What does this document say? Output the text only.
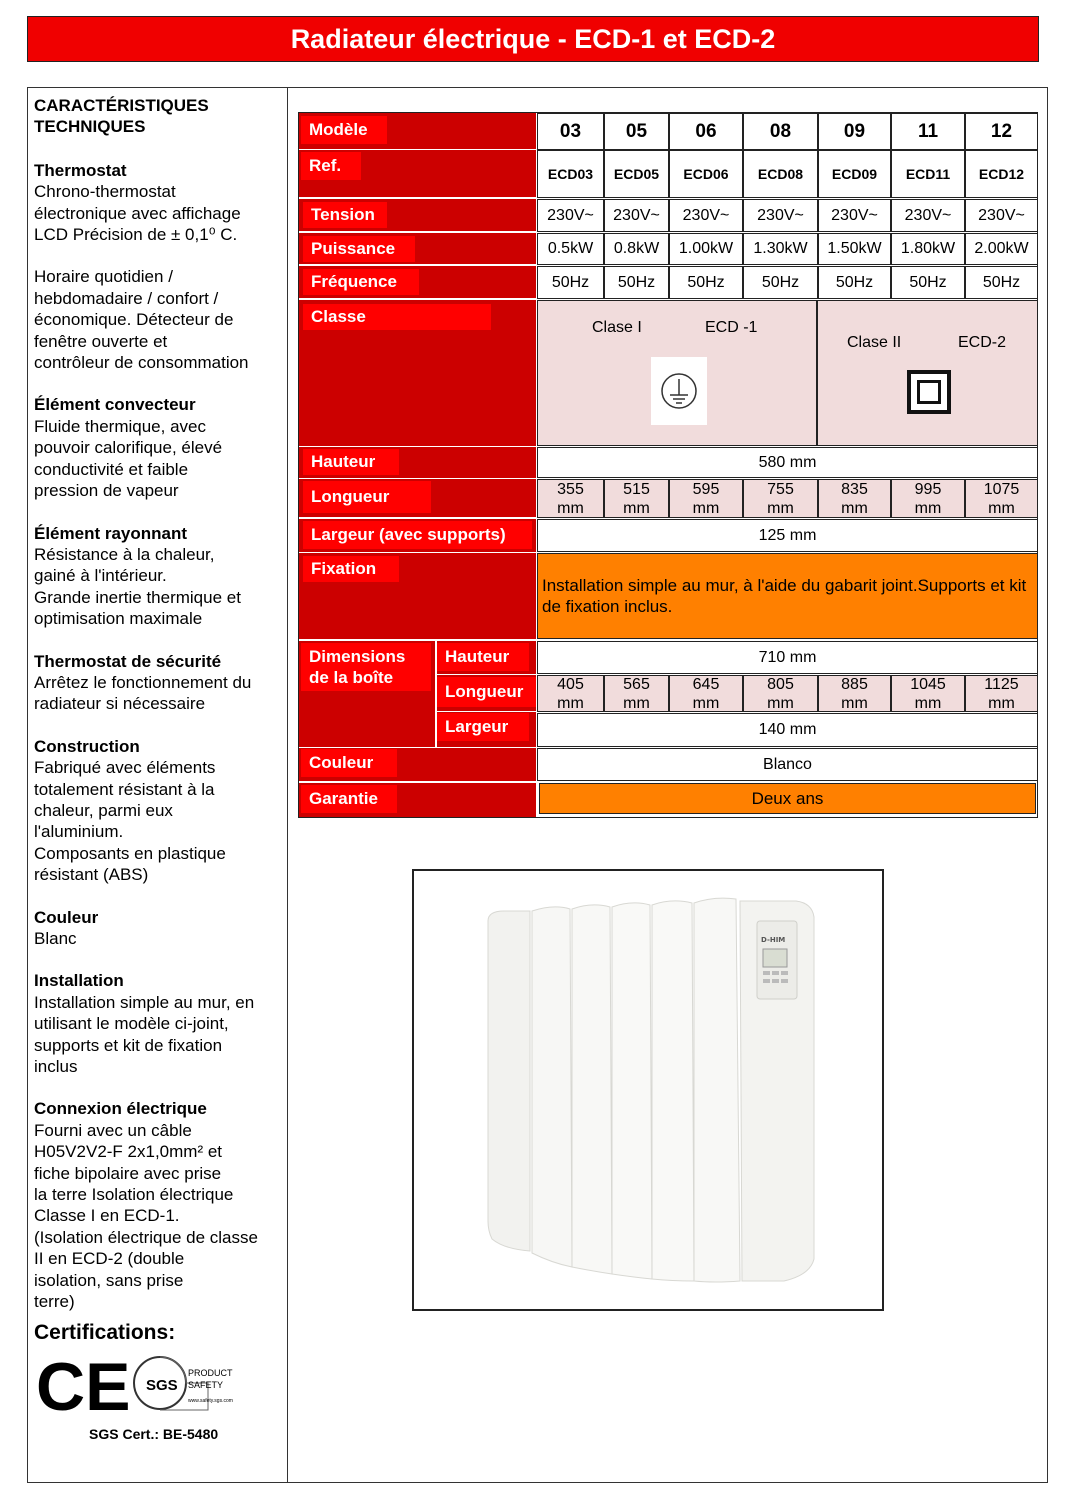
Radiateur électrique - ECD-1 et ECD-2

CARACTÉRISTIQUES
TECHNIQUES

Thermostat

Chrono-thermostat
électronique avec affichage
LCD Précision de ± 0,1⁰ C.

Horaire quotidien /
hebdomadaire / confort /
économique. Détecteur de
fenêtre ouverte et
contrôleur de consommation

Élément convecteur

Fluide thermique, avec
pouvoir calorifique, élevé
conductivité et faible
pression de vapeur

Élément rayonnant

Résistance à la chaleur,
gainé à l'intérieur.
Grande inertie thermique et
optimisation maximale

Thermostat de sécurité

Arrêtez le fonctionnement du
radiateur si nécessaire

Construction

Fabriqué avec éléments
totalement résistant à la
chaleur, parmi eux
l'aluminium.
Composants en plastique
résistant (ABS)

Couleur

Blanc

Installation

Installation simple au mur, en
utilisant le modèle ci-joint,
supports et kit de fixation
inclus

Connexion électrique

Fourni avec un câble
H05V2V2-F 2x1,0mm² et
fiche bipolaire avec prise
la terre Isolation électrique
Classe I en ECD-1.
(Isolation électrique de classe
II en ECD-2 (double
isolation, sans prise
terre)

Certifications:
CE SGS
PRODUCT
SAFETY
www.safety.sgs.com
SGS Cert.: BE-5480
Modèle
Ref.
Tension
Puissance
Fréquence
Classe
Hauteur
Longueur
Largeur (avec supports)
Fixation
Dimensions
de la boîte
Hauteur
Longueur
Largeur
Couleur
Garantie
03
ECD03
230V~
0.5kW
50Hz
355
mm
405
mm
05
ECD05
230V~
0.8kW
50Hz
515
mm
565
mm
06
ECD06
230V~
1.00kW
50Hz
595
mm
645
mm
08
ECD08
230V~
1.30kW
50Hz
755
mm
805
mm
09
ECD09
230V~
1.50kW
50Hz
835
mm
885
mm
11
ECD11
230V~
1.80kW
50Hz
995
mm
1045
mm
12
ECD12
230V~
2.00kW
50Hz
1075
mm
1125
mm
580 mm
125 mm
Installation simple au mur, à l'aide du gabarit joint.Supports et kit de fixation inclus.
710 mm
140 mm
Blanco
Deux ans
Clase I	ECD -1
Clase II	ECD-2
D-HIM
